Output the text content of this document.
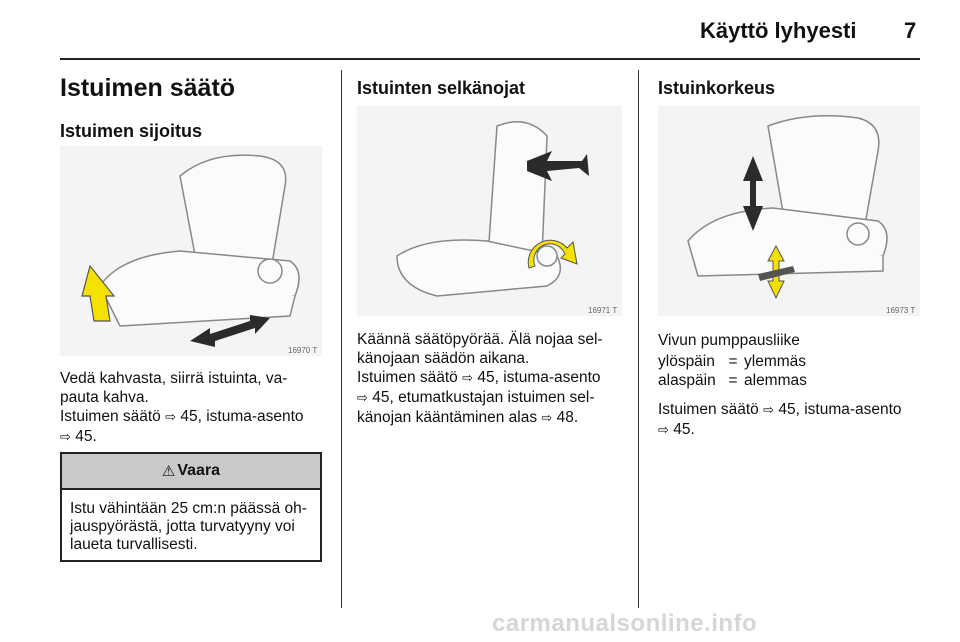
Käyttö lyhyesti 7
Istuimen säätö
Istuimen sijoitus
16970 T

Vedä kahvasta, siirrä istuinta, va-
pauta kahva.

Istuimen säätö ⇨ 45, istuma-asento
⇨ 45.

⚠ Vaara
Istu vähintään 25 cm:n päässä oh-
jauspyörästä, jotta turvatyyny voi
laueta turvallisesti.
Istuinten selkänojat
16971 T

Käännä säätöpyörää. Älä nojaa sel-
känojaan säädön aikana.

Istuimen säätö ⇨ 45, istuma-asento
⇨ 45, etumatkustajan istuimen sel-
känojan kääntäminen alas ⇨ 48.

Istuinkorkeus
16973 T

Vivun pumppausliike

ylöspäin = ylemmäs
alaspäin = alemmas

Istuimen säätö ⇨ 45, istuma-asento
⇨ 45.

carmanualsonline.info
